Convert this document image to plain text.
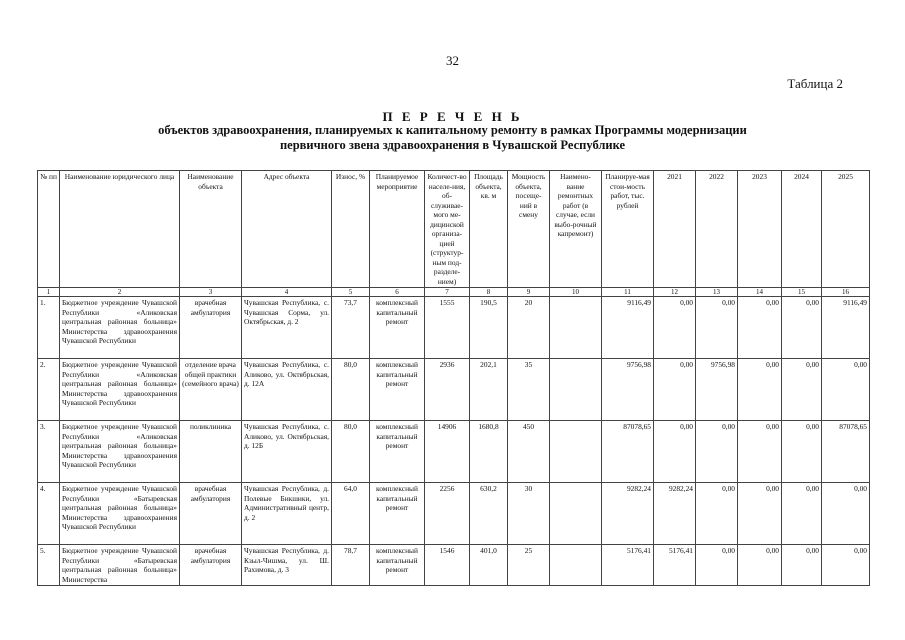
32
Таблица 2
П Е Р Е Ч Е Н Ь
объектов здравоохранения, планируемых к капитальному ремонту в рамках Программы модернизации
первичного звена здравоохранения в Чувашской Республике
№ пп	Наименование юридического лица	Наименование объекта	Адрес объекта	Износ, %	Планируемое мероприятие	Количест-во населе-ния, об-служивае-мого ме-дицинской организа-цией (структур-ным под-разделе-нием)	Площадь объекта, кв. м	Мощность объекта, посеще-ний в смену	Наимено-вание ремонтных работ (в случае, если выбо-рочный капремонт)	Планируе-мая стои-мость работ, тыс. рублей	2021	2022	2023	2024	2025
1	2	3	4	5	6	7	8	9	10	11	12	13	14	15	16
1.	Бюджетное учреждение Чувашской Республики «Аликовская центральная районная больница» Министерства здравоохранения Чувашской Республики	врачебная амбулатория	Чувашская Республика, с. Чувашская Сорма, ул. Октябрьская, д. 2	73,7	комплексный капитальный ремонт	1555	190,5	20		9116,49	0,00	0,00	0,00	0,00	9116,49
2.	Бюджетное учреждение Чувашской Республики «Аликовская центральная районная больница» Министерства здравоохранения Чувашской Республики	отделение врача общей практики (семейного врача)	Чувашская Республика, с. Аликово, ул. Октябрьская, д. 12А	80,0	комплексный капитальный ремонт	2936	202,1	35		9756,98	0,00	9756,98	0,00	0,00	0,00
3.	Бюджетное учреждение Чувашской Республики «Аликовская центральная районная больница» Министерства здравоохранения Чувашской Республики	поликлиника	Чувашская Республика, с. Аликово, ул. Октябрьская, д. 12Б	80,0	комплексный капитальный ремонт	14906	1680,8	450		87078,65	0,00	0,00	0,00	0,00	87078,65
4.	Бюджетное учреждение Чувашской Республики «Батыревская центральная районная больница» Министерства здравоохранения Чувашской Республики	врачебная амбулатория	Чувашская Республика, д. Полевые Бикшики, ул. Административный центр, д. 2	64,0	комплексный капитальный ремонт	2256	630,2	30		9282,24	9282,24	0,00	0,00	0,00	0,00
5.	Бюджетное учреждение Чувашской Республики «Батыревская центральная районная больница» Министерства	врачебная амбулатория	Чувашская Республика, д. Кзыл-Чишма, ул. Ш. Рахимова, д. 3	78,7	комплексный капитальный ремонт	1546	401,0	25		5176,41	5176,41	0,00	0,00	0,00	0,00
